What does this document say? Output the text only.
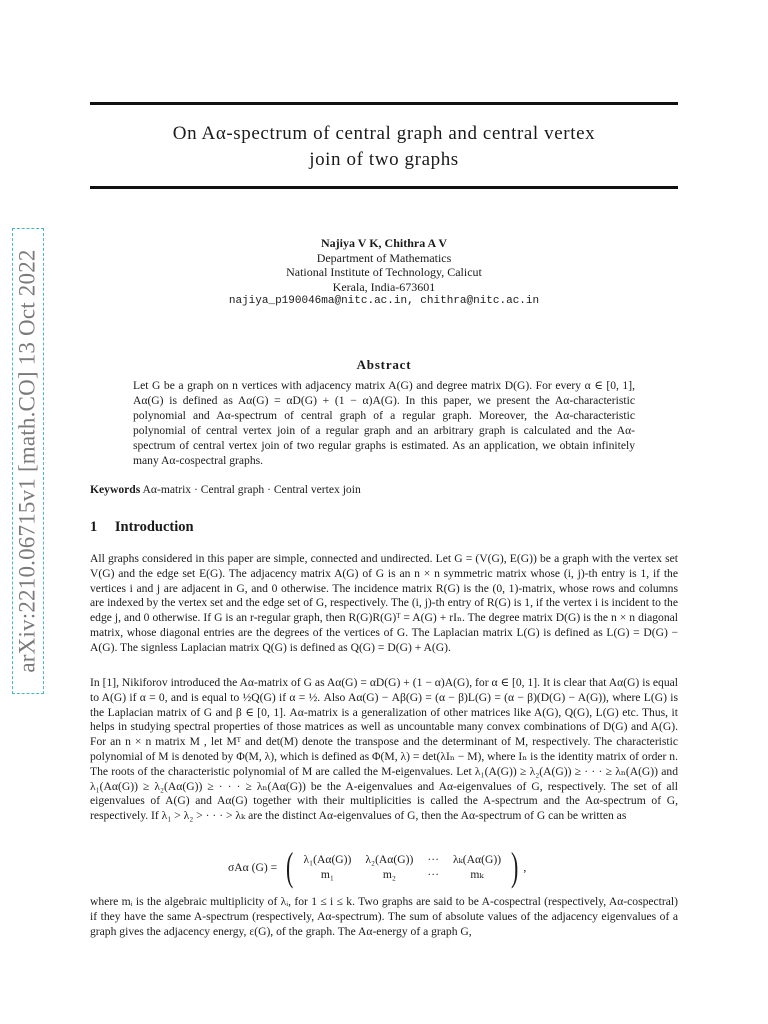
arXiv:2210.06715v1 [math.CO] 13 Oct 2022
On Aα-spectrum of central graph and central vertex
join of two graphs
Najiya V K, Chithra A V
Department of Mathematics
National Institute of Technology, Calicut
Kerala, India-673601
najiya_p190046ma@nitc.ac.in, chithra@nitc.ac.in
Abstract
Let G be a graph on n vertices with adjacency matrix A(G) and degree matrix D(G). For every α ∈ [0, 1], Aα(G) is defined as Aα(G) = αD(G) + (1 − α)A(G). In this paper, we present the Aα-characteristic polynomial and Aα-spectrum of central graph of a regular graph. Moreover, the Aα-characteristic polynomial of central vertex join of a regular graph and an arbitrary graph is calculated and the Aα-spectrum of central vertex join of two regular graphs is estimated. As an application, we obtain infinitely many Aα-cospectral graphs.
Keywords Aα-matrix · Central graph · Central vertex join
1 Introduction
All graphs considered in this paper are simple, connected and undirected. Let G = (V(G), E(G)) be a graph with the vertex set V(G) and the edge set E(G). The adjacency matrix A(G) of G is an n × n symmetric matrix whose (i, j)-th entry is 1, if the vertices i and j are adjacent in G, and 0 otherwise. The incidence matrix R(G) is the (0, 1)-matrix, whose rows and columns are indexed by the vertex set and the edge set of G, respectively. The (i, j)-th entry of R(G) is 1, if the vertex i is incident to the edge j, and 0 otherwise. If G is an r-regular graph, then R(G)R(G)ᵀ = A(G) + rIₙ. The degree matrix D(G) is the n × n diagonal matrix, whose diagonal entries are the degrees of the vertices of G. The Laplacian matrix L(G) is defined as L(G) = D(G) − A(G). The signless Laplacian matrix Q(G) is defined as Q(G) = D(G) + A(G).
In [1], Nikiforov introduced the Aα-matrix of G as Aα(G) = αD(G) + (1 − α)A(G), for α ∈ [0, 1]. It is clear that Aα(G) is equal to A(G) if α = 0, and is equal to ½Q(G) if α = ½. Also Aα(G) − Aβ(G) = (α − β)L(G) = (α − β)(D(G) − A(G)), where L(G) is the Laplacian matrix of G and β ∈ [0, 1]. Aα-matrix is a generalization of other matrices like A(G), Q(G), L(G) etc. Thus, it helps in studying spectral properties of those matrices as well as uncountable many convex combinations of D(G) and A(G). For an n × n matrix M , let Mᵀ and det(M) denote the transpose and the determinant of M, respectively. The characteristic polynomial of M is denoted by Φ(M, λ), which is defined as Φ(M, λ) = det(λIₙ − M), where Iₙ is the identity matrix of order n. The roots of the characteristic polynomial of M are called the M-eigenvalues. Let λ₁(A(G)) ≥ λ₂(A(G)) ≥ · · · ≥ λₙ(A(G)) and λ₁(Aα(G)) ≥ λ₂(Aα(G)) ≥ · · · ≥ λₙ(Aα(G)) be the A-eigenvalues and Aα-eigenvalues of G, respectively. The set of all eigenvalues of A(G) and Aα(G) together with their multiplicities is called the A-spectrum and the Aα-spectrum of G, respectively. If λ₁ > λ₂ > · · · > λₖ are the distinct Aα-eigenvalues of G, then the Aα-spectrum of G can be written as
σAα (G) = ( λ₁(Aα(G))	λ₂(Aα(G))	···	λₖ(Aα(G))
m₁	m₂	···	mₖ ) ,
where mᵢ is the algebraic multiplicity of λᵢ, for 1 ≤ i ≤ k. Two graphs are said to be A-cospectral (respectively, Aα-cospectral) if they have the same A-spectrum (respectively, Aα-spectrum). The sum of absolute values of the adjacency eigenvalues of a graph gives the adjacency energy, ε(G), of the graph. The Aα-energy of a graph G,
